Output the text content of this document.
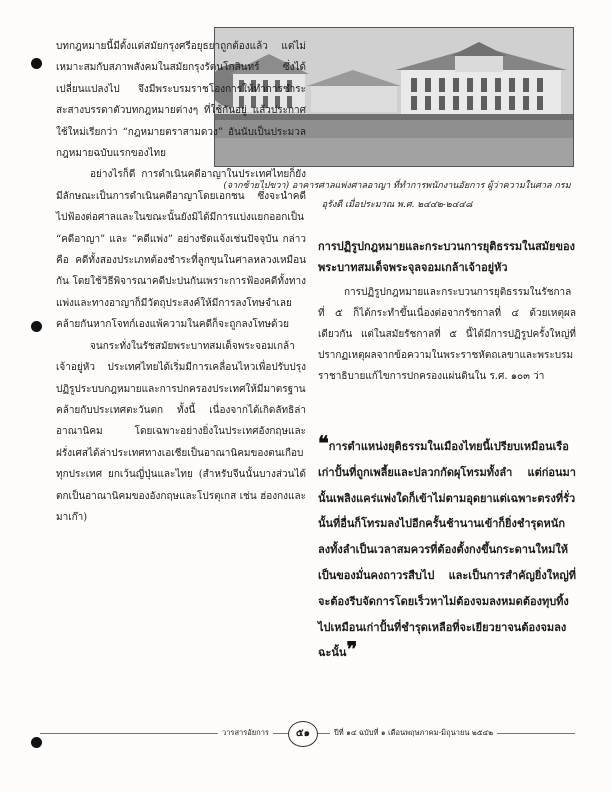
(จากซ้ายไปขวา) อาคารศาลแพ่งศาลอาญา ที่ทำการพนักงานอัยการ ผู้ว่าความในศาล กรมอุรังดี เมื่อประมาณ พ.ศ. ๒๔๔๒-๒๔๔๘

บทกฎหมายนี้มีตั้งแต่สมัยกรุงศรีอยุธยาถูกต้องแล้ว แต่ไม่เหมาะสมกับสภาพสังคมในสมัยกรุงรัตนโกสินทร์ ซึ่งได้เปลี่ยนแปลงไป จึงมีพระบรมราชโองการให้ทำการชำระสะสางบรรดาตัวบทกฎหมายต่างๆ ที่ใช้กันอยู่ แล้วประกาศใช้ใหม่เรียกว่า “กฎหมายตราสามดวง” อันนับเป็นประมวลกฎหมายฉบับแรกของไทย

อย่างไรก็ดี การดำเนินคดีอาญาในประเทศไทยก็ยังมีลักษณะเป็นการดำเนินคดีอาญาโดยเอกชน ซึ่งจะนำคดีไปฟ้องต่อศาลและในขณะนั้นยังมิได้มีการแบ่งแยกออกเป็น “คดีอาญา” และ “คดีแพ่ง” อย่างชัดแจ้งเช่นปัจจุบัน กล่าวคือ คดีทั้งสองประเภทต้องชำระที่ลูกขุนในศาลหลวงเหมือนกัน โดยใช้วิธีพิจารณาคดีปะปนกันเพราะการฟ้องคดีทั้งทางแพ่งและทางอาญาก็มีวัตถุประสงค์ให้มีการลงโทษจำเลยคล้ายกันหากโจทก์เองแพ้ความในคดีก็จะถูกลงโทษด้วย

จนกระทั่งในรัชสมัยพระบาทสมเด็จพระจอมเกล้าเจ้าอยู่หัว ประเทศไทยได้เริ่มมีการเคลื่อนไหวเพื่อปรับปรุงปฏิรูประบบกฎหมายและการปกครองประเทศให้มีมาตรฐานคล้ายกับประเทศตะวันตก ทั้งนี้ เนื่องจากได้เกิดลัทธิล่าอาณานิคม โดยเฉพาะอย่างยิ่งในประเทศอังกฤษและฝรั่งเศสได้ล่าประเทศทางเอเชียเป็นอาณานิคมของตนเกือบทุกประเทศ ยกเว้นญี่ปุ่นและไทย (สำหรับจีนนั้นบางส่วนได้ตกเป็นอาณานิคมของอังกฤษและโปรตุเกส เช่น ฮ่องกงและมาเก๊า)

การปฏิรูปกฎหมายและกระบวนการยุติธรรมในสมัยของพระบาทสมเด็จพระจุลจอมเกล้าเจ้าอยู่หัว

การปฏิรูปกฎหมายและกระบวนการยุติธรรมในรัชกาลที่ ๕ ก็ได้กระทำขึ้นเนื่องต่อจากรัชกาลที่ ๔ ด้วยเหตุผลเดียวกัน แต่ในสมัยรัชกาลที่ ๕ นี้ได้มีการปฏิรูปครั้งใหญ่ที่ปรากฏเหตุผลจากข้อความในพระราชหัตถเลขาและพระบรมราชาธิบายแก้ไขการปกครองแผ่นดินใน ร.ศ. ๑๐๓ ว่า

❝การตำแหน่งยุติธรรมในเมืองไทยนี้เปรียบเหมือนเรือเก่าปั้นที่ถูกเพลี้ยและปลวกกัดผุโทรมทั้งลำ แต่ก่อนมานั้นเพลิงแคร่แพ่งใดก็เข้าไม่ตามอุดยาแต่เฉพาะตรงที่รั่วนั้นที่อื่นก็โทรมลงไปอีกครั้นช้านานเข้าก็ยิ่งชำรุดหนักลงทั้งลำเป็นเวลาสมควรที่ต้องตั้งกงขึ้นกระดานใหม่ให้เป็นของมั่นคงถาวรสืบไป และเป็นการสำคัญยิ่งใหญ่ที่จะต้องรีบจัดการโดยเร็วหาไม่ต้องจมลงหมดต้องทุบทิ้งไปเหมือนเก่าปั้นที่ชำรุดเหลือที่จะเยียวยาจนต้องจมลงฉะนั้น❞
วารสารอัยการ	๕๑	ปีที่ ๑๔ ฉบับที่ ๑ เดือนพฤษภาคม-มิถุนายน ๒๕๔๒
